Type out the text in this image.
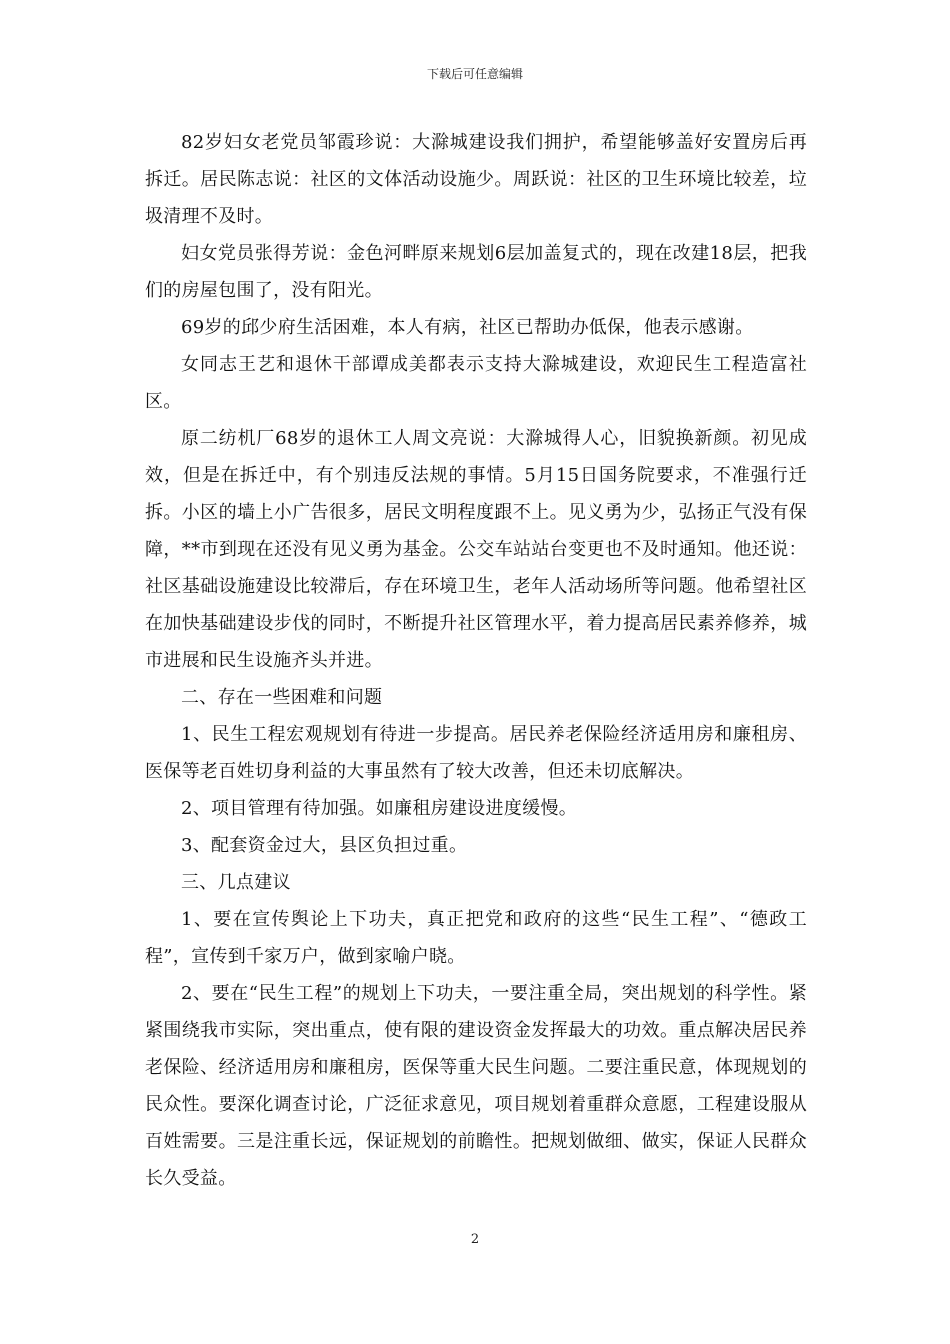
下载后可任意编辑

82岁妇女老党员邹霞珍说：大滁城建设我们拥护，希望能够盖好安置房后再拆迁。居民陈志说：社区的文体活动设施少。周跃说：社区的卫生环境比较差，垃圾清理不及时。

妇女党员张得芳说：金色河畔原来规划6层加盖复式的，现在改建18层，把我们的房屋包围了，没有阳光。

69岁的邱少府生活困难，本人有病，社区已帮助办低保，他表示感谢。

女同志王艺和退休干部谭成美都表示支持大滁城建设，欢迎民生工程造富社区。

原二纺机厂68岁的退休工人周文亮说：大滁城得人心，旧貌换新颜。初见成效，但是在拆迁中，有个别违反法规的事情。5月15日国务院要求，不准强行迁拆。小区的墙上小广告很多，居民文明程度跟不上。见义勇为少，弘扬正气没有保障，**市到现在还没有见义勇为基金。公交车站站台变更也不及时通知。他还说：社区基础设施建设比较滞后，存在环境卫生，老年人活动场所等问题。他希望社区在加快基础建设步伐的同时，不断提升社区管理水平，着力提高居民素养修养，城市进展和民生设施齐头并进。

二、存在一些困难和问题

1、民生工程宏观规划有待进一步提高。居民养老保险经济适用房和廉租房、医保等老百姓切身利益的大事虽然有了较大改善，但还未切底解决。

2、项目管理有待加强。如廉租房建设进度缓慢。

3、配套资金过大，县区负担过重。

三、几点建议

1、要在宣传舆论上下功夫，真正把党和政府的这些“民生工程”、“德政工程”，宣传到千家万户，做到家喻户晓。

2、要在“民生工程”的规划上下功夫，一要注重全局，突出规划的科学性。紧紧围绕我市实际，突出重点，使有限的建设资金发挥最大的功效。重点解决居民养老保险、经济适用房和廉租房，医保等重大民生问题。二要注重民意，体现规划的民众性。要深化调查讨论，广泛征求意见，项目规划着重群众意愿，工程建设服从百姓需要。三是注重长远，保证规划的前瞻性。把规划做细、做实，保证人民群众长久受益。

2
